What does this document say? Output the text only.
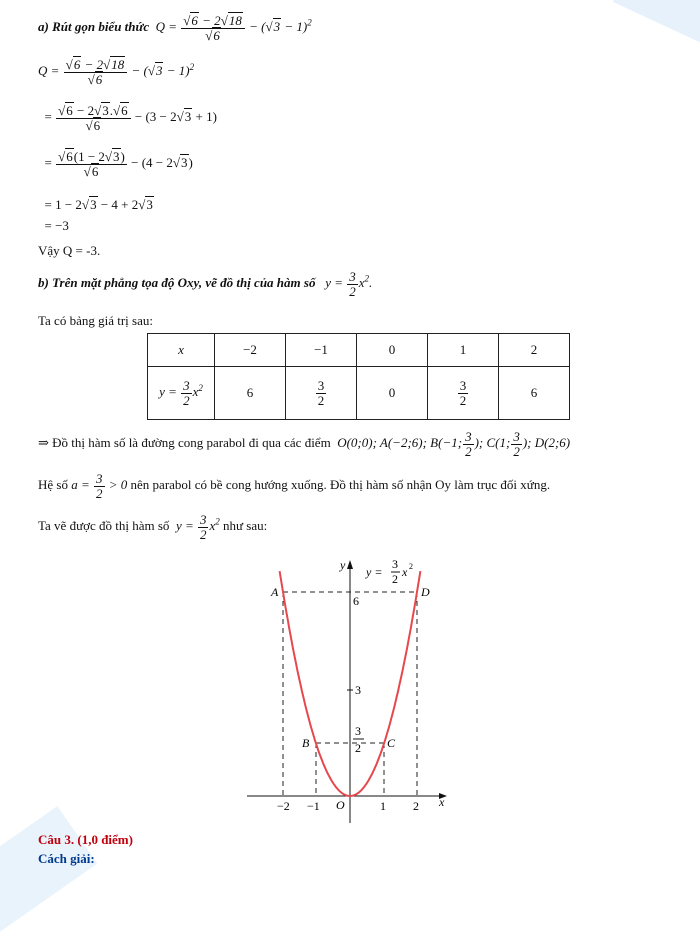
a) Rút gọn biểu thức  Q = √ 6 − 2 √ 18
√ 6 − ( √ 3 − 1)$^2$
Q = √ 6 − 2 √ 18
√ 6 − ( √ 3 − 1)$^2$
= √ 6 − 2 √ 3. √ 6
√ 6 − (3 − 2 √ 3 + 1)
= √ 6(1 − 2 √ 3)
√ 6 − (4 − 2 √ 3)
= 1 − 2 √ 3 − 4 + 2 √ 3
= −3
Vậy Q = -3.
b) Trên mặt phẳng tọa độ Oxy, vẽ đồ thị của hàm số   $y = \frac{3}{2} x^2$.
Ta có bảng giá trị sau:
x	−2	−1	0	1	2
$y = \frac{3}{2} x^2$	6	$\frac{3}{2}$	0	$\frac{3}{2}$	6
⇒ Đồ thị hàm số là đường cong parabol đi qua các điểm  O(0;0); A(−2;6); B(−1; $\frac{3}{2}$ ); C(1; $\frac{3}{2}$ ); D(2;6)
Hệ số $a = \frac{3}{2} > 0$ nên parabol có bề cong hướng xuống. Đồ thị hàm số nhận Oy làm trục đối xứng.
Ta vẽ được đồ thị hàm số  $y = \frac{3}{2} x^2$ như sau:
y
x
O
−2 −1	1 2
3
6
3
2
A
B	C
D
y =
3
2 x 2
Câu 3. (1,0 điểm)
Cách giải:
